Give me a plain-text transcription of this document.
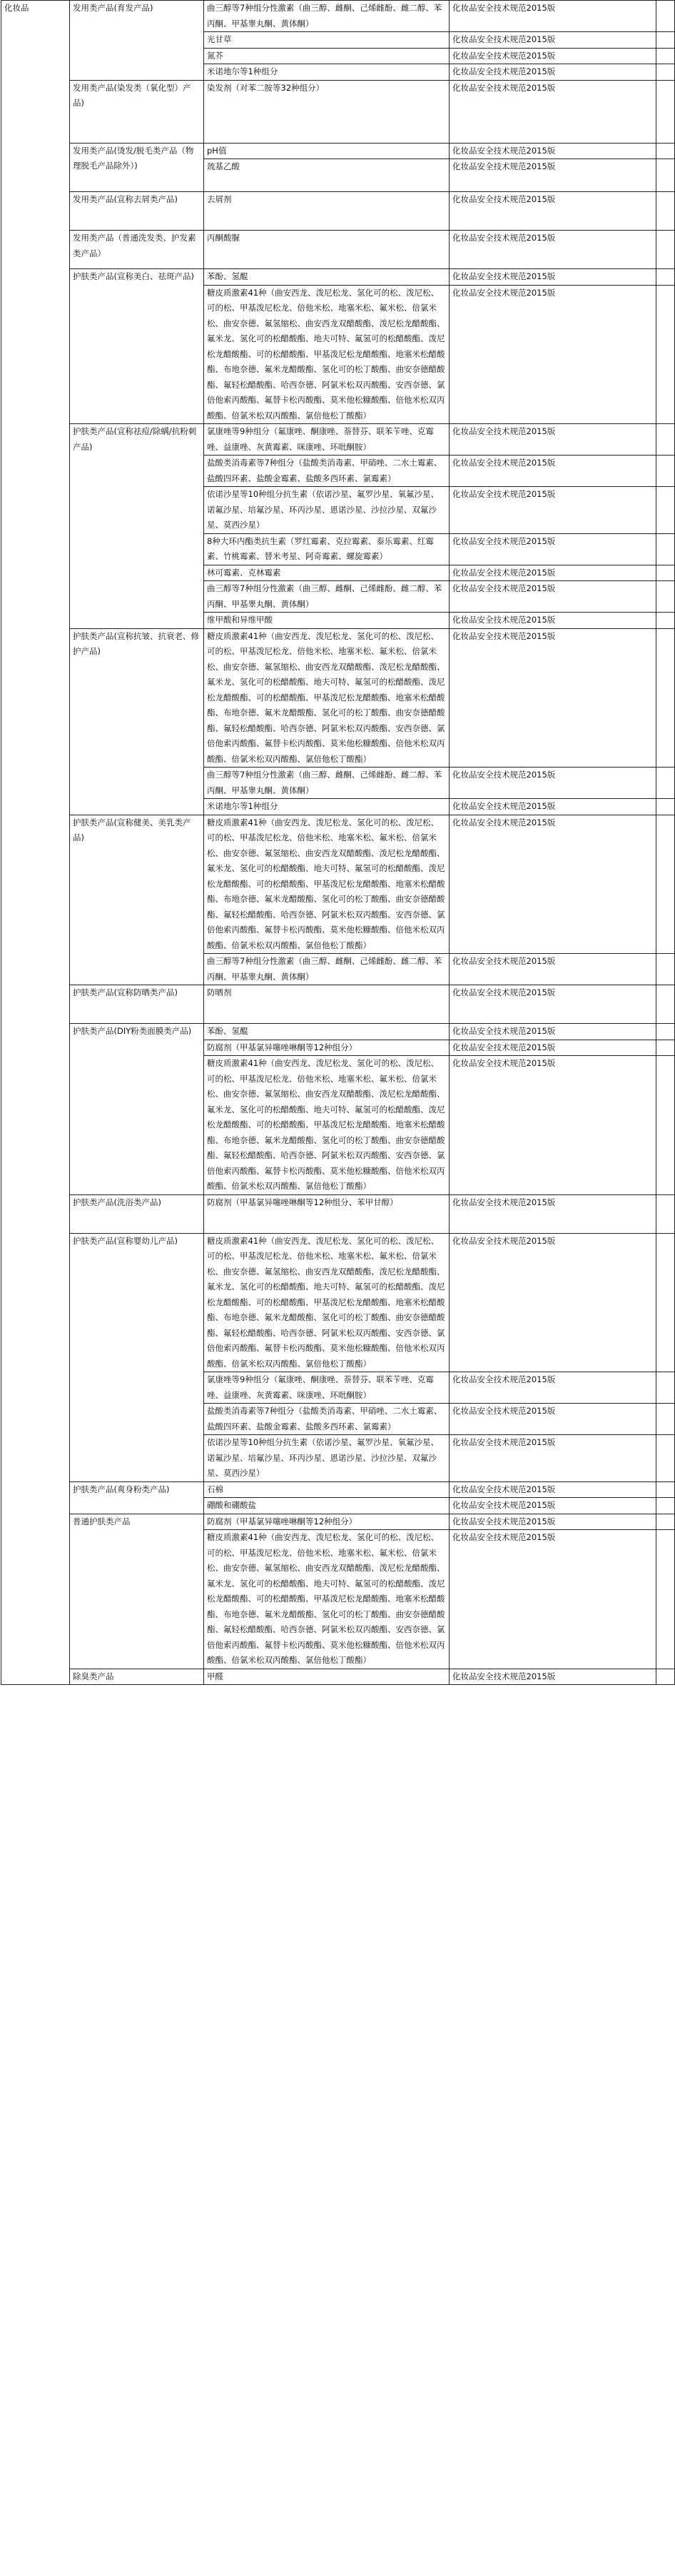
化妆品	发用类产品(育发产品)	曲三醇等7种组分性激素（曲三醇、雌酮、己烯雌酚、雌二醇、苯丙酮、甲基睾丸酮、黄体酮）	化妆品安全技术规范2015版	
		光甘草	化妆品安全技术规范2015版	
		氮芥	化妆品安全技术规范2015版	
		米诺地尔等1种组分	化妆品安全技术规范2015版	
	发用类产品(染发类（氧化型）产品)	染发剂（对苯二胺等32种组分）	化妆品安全技术规范2015版	
	发用类产品(烫发/脱毛类产品（物理脱毛产品除外）)	pH值	化妆品安全技术规范2015版	
		巯基乙酸	化妆品安全技术规范2015版	
	发用类产品(宣称去屑类产品)	去屑剂	化妆品安全技术规范2015版	
	发用类产品（普通洗发类、护发素类产品）	丙酮酸脲	化妆品安全技术规范2015版	
	护肤类产品(宣称美白、祛斑产品)	苯酚、氢醌	化妆品安全技术规范2015版	
		糖皮质激素41种（曲安西龙、泼尼松龙、氢化可的松、泼尼松、可的松、甲基泼尼松龙、倍他米松、地塞米松、氟米松、倍氯米松、曲安奈德、氟氢缩松、曲安西龙双醋酸酯、泼尼松龙醋酸酯、氟米龙、氢化可的松醋酸酯、地夫可特、氟氢可的松醋酸酯、泼尼松龙醋酸酯、可的松醋酸酯、甲基泼尼松龙醋酸酯、地塞米松醋酸酯、布地奈德、氟米龙醋酸酯、氢化可的松丁酸酯、曲安奈德醋酸酯、氟轻松醋酸酯、哈西奈德、阿氯米松双丙酸酯、安西奈德、氯倍他索丙酸酯、氟替卡松丙酸酯、莫米他松糠酸酯、倍他米松双丙酸酯、倍氯米松双丙酸酯、氯倍他松丁酸酯）	化妆品安全技术规范2015版	
	护肤类产品(宣称祛痘/除螨/抗粉刺产品)	氯康唑等9种组分（氟康唑、酮康唑、萘替芬、联苯苄唑、克霉唑、益康唑、灰黄霉素、咪康唑、环吡酮胺）	化妆品安全技术规范2015版	
		盐酸类消毒素等7种组分（盐酸类消毒素、甲硝唑、二水土霉素、盐酸四环素、盐酸金霉素、盐酸多西环素、氯霉素）	化妆品安全技术规范2015版	
		依诺沙星等10种组分抗生素（依诺沙星、氟罗沙星、氧氟沙星、诺氟沙星、培氟沙星、环丙沙星、恩诺沙星、沙拉沙星、双氟沙星、莫西沙星）	化妆品安全技术规范2015版	
		8种大环内酯类抗生素（罗红霉素、克拉霉素、泰乐霉素、红霉素、竹桃霉素、替米考星、阿奇霉素、螺旋霉素）	化妆品安全技术规范2015版	
		林可霉素、克林霉素	化妆品安全技术规范2015版	
		曲三醇等7种组分性激素（曲三醇、雌酮、己烯雌酚、雌二醇、苯丙酮、甲基睾丸酮、黄体酮）	化妆品安全技术规范2015版	
		维甲酸和异维甲酸	化妆品安全技术规范2015版	
	护肤类产品(宣称抗皱、抗衰老、修护产品)	糖皮质激素41种（曲安西龙、泼尼松龙、氢化可的松、泼尼松、可的松、甲基泼尼松龙、倍他米松、地塞米松、氟米松、倍氯米松、曲安奈德、氟氢缩松、曲安西龙双醋酸酯、泼尼松龙醋酸酯、氟米龙、氢化可的松醋酸酯、地夫可特、氟氢可的松醋酸酯、泼尼松龙醋酸酯、可的松醋酸酯、甲基泼尼松龙醋酸酯、地塞米松醋酸酯、布地奈德、氟米龙醋酸酯、氢化可的松丁酸酯、曲安奈德醋酸酯、氟轻松醋酸酯、哈西奈德、阿氯米松双丙酸酯、安西奈德、氯倍他索丙酸酯、氟替卡松丙酸酯、莫米他松糠酸酯、倍他米松双丙酸酯、倍氯米松双丙酸酯、氯倍他松丁酸酯）	化妆品安全技术规范2015版	
		曲三醇等7种组分性激素（曲三醇、雌酮、己烯雌酚、雌二醇、苯丙酮、甲基睾丸酮、黄体酮）	化妆品安全技术规范2015版	
		米诺地尔等1种组分	化妆品安全技术规范2015版	
	护肤类产品(宣称健美、美乳类产品)	糖皮质激素41种（曲安西龙、泼尼松龙、氢化可的松、泼尼松、可的松、甲基泼尼松龙、倍他米松、地塞米松、氟米松、倍氯米松、曲安奈德、氟氢缩松、曲安西龙双醋酸酯、泼尼松龙醋酸酯、氟米龙、氢化可的松醋酸酯、地夫可特、氟氢可的松醋酸酯、泼尼松龙醋酸酯、可的松醋酸酯、甲基泼尼松龙醋酸酯、地塞米松醋酸酯、布地奈德、氟米龙醋酸酯、氢化可的松丁酸酯、曲安奈德醋酸酯、氟轻松醋酸酯、哈西奈德、阿氯米松双丙酸酯、安西奈德、氯倍他索丙酸酯、氟替卡松丙酸酯、莫米他松糠酸酯、倍他米松双丙酸酯、倍氯米松双丙酸酯、氯倍他松丁酸酯）	化妆品安全技术规范2015版	
		曲三醇等7种组分性激素（曲三醇、雌酮、己烯雌酚、雌二醇、苯丙酮、甲基睾丸酮、黄体酮）	化妆品安全技术规范2015版	
	护肤类产品(宣称防晒类产品)	防晒剂	化妆品安全技术规范2015版	
	护肤类产品(DIY粉类面膜类产品)	苯酚、氢醌	化妆品安全技术规范2015版	
		防腐剂（甲基氯异噻唑啉酮等12种组分）	化妆品安全技术规范2015版	
		糖皮质激素41种（曲安西龙、泼尼松龙、氢化可的松、泼尼松、可的松、甲基泼尼松龙、倍他米松、地塞米松、氟米松、倍氯米松、曲安奈德、氟氢缩松、曲安西龙双醋酸酯、泼尼松龙醋酸酯、氟米龙、氢化可的松醋酸酯、地夫可特、氟氢可的松醋酸酯、泼尼松龙醋酸酯、可的松醋酸酯、甲基泼尼松龙醋酸酯、地塞米松醋酸酯、布地奈德、氟米龙醋酸酯、氢化可的松丁酸酯、曲安奈德醋酸酯、氟轻松醋酸酯、哈西奈德、阿氯米松双丙酸酯、安西奈德、氯倍他索丙酸酯、氟替卡松丙酸酯、莫米他松糠酸酯、倍他米松双丙酸酯、倍氯米松双丙酸酯、氯倍他松丁酸酯）	化妆品安全技术规范2015版	
	护肤类产品(洗浴类产品)	防腐剂（甲基氯异噻唑啉酮等12种组分、苯甲甘醇）	化妆品安全技术规范2015版	
	护肤类产品(宣称婴幼儿产品)	糖皮质激素41种（曲安西龙、泼尼松龙、氢化可的松、泼尼松、可的松、甲基泼尼松龙、倍他米松、地塞米松、氟米松、倍氯米松、曲安奈德、氟氢缩松、曲安西龙双醋酸酯、泼尼松龙醋酸酯、氟米龙、氢化可的松醋酸酯、地夫可特、氟氢可的松醋酸酯、泼尼松龙醋酸酯、可的松醋酸酯、甲基泼尼松龙醋酸酯、地塞米松醋酸酯、布地奈德、氟米龙醋酸酯、氢化可的松丁酸酯、曲安奈德醋酸酯、氟轻松醋酸酯、哈西奈德、阿氯米松双丙酸酯、安西奈德、氯倍他索丙酸酯、氟替卡松丙酸酯、莫米他松糠酸酯、倍他米松双丙酸酯、倍氯米松双丙酸酯、氯倍他松丁酸酯）	化妆品安全技术规范2015版	
		氯康唑等9种组分（氟康唑、酮康唑、萘替芬、联苯苄唑、克霉唑、益康唑、灰黄霉素、咪康唑、环吡酮胺）	化妆品安全技术规范2015版	
		盐酸类消毒素等7种组分（盐酸类消毒素、甲硝唑、二水土霉素、盐酸四环素、盐酸金霉素、盐酸多西环素、氯霉素）	化妆品安全技术规范2015版	
		依诺沙星等10种组分抗生素（依诺沙星、氟罗沙星、氧氟沙星、诺氟沙星、培氟沙星、环丙沙星、恩诺沙星、沙拉沙星、双氟沙星、莫西沙星）	化妆品安全技术规范2015版	
	护肤类产品(爽身粉类产品)	石棉	化妆品安全技术规范2015版	
		硼酸和硼酸盐	化妆品安全技术规范2015版	
	普通护肤类产品	防腐剂（甲基氯异噻唑啉酮等12种组分）	化妆品安全技术规范2015版	
		糖皮质激素41种（曲安西龙、泼尼松龙、氢化可的松、泼尼松、可的松、甲基泼尼松龙、倍他米松、地塞米松、氟米松、倍氯米松、曲安奈德、氟氢缩松、曲安西龙双醋酸酯、泼尼松龙醋酸酯、氟米龙、氢化可的松醋酸酯、地夫可特、氟氢可的松醋酸酯、泼尼松龙醋酸酯、可的松醋酸酯、甲基泼尼松龙醋酸酯、地塞米松醋酸酯、布地奈德、氟米龙醋酸酯、氢化可的松丁酸酯、曲安奈德醋酸酯、氟轻松醋酸酯、哈西奈德、阿氯米松双丙酸酯、安西奈德、氯倍他索丙酸酯、氟替卡松丙酸酯、莫米他松糠酸酯、倍他米松双丙酸酯、倍氯米松双丙酸酯、氯倍他松丁酸酯）	化妆品安全技术规范2015版	
	除臭类产品	甲醛	化妆品安全技术规范2015版	
